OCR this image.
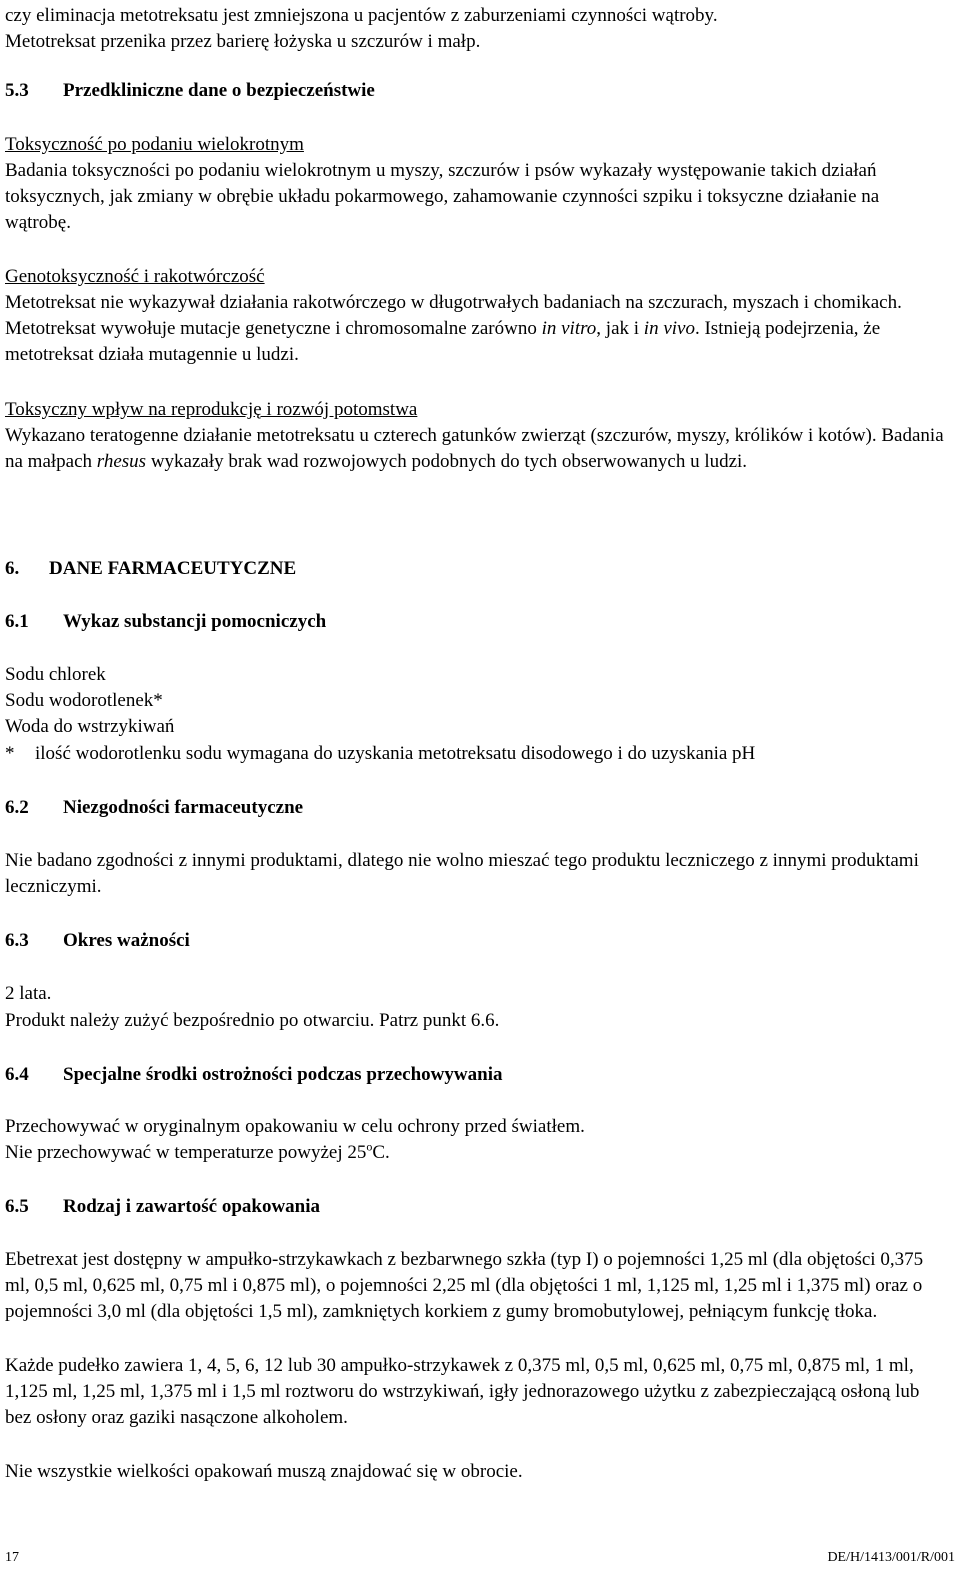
czy eliminacja metotreksatu jest zmniejszona u pacjentów z zaburzeniami czynności wątroby.

Metotreksat przenika przez barierę łożyska u szczurów i małp.

5.3 Przedkliniczne dane o bezpieczeństwie

Toksyczność po podaniu wielokrotnym

Badania toksyczności po podaniu wielokrotnym u myszy, szczurów i psów wykazały występowanie takich działań toksycznych, jak zmiany w obrębie układu pokarmowego, zahamowanie czynności szpiku i toksyczne działanie na wątrobę.

Genotoksyczność i rakotwórczość

Metotreksat nie wykazywał działania rakotwórczego w długotrwałych badaniach na szczurach, myszach i chomikach. Metotreksat wywołuje mutacje genetyczne i chromosomalne zarówno in vitro, jak i in vivo. Istnieją podejrzenia, że metotreksat działa mutagennie u ludzi.

Toksyczny wpływ na reprodukcję i rozwój potomstwa

Wykazano teratogenne działanie metotreksatu u czterech gatunków zwierząt (szczurów, myszy, królików i kotów). Badania na małpach rhesus wykazały brak wad rozwojowych podobnych do tych obserwowanych u ludzi.

6. DANE FARMACEUTYCZNE

6.1 Wykaz substancji pomocniczych

Sodu chlorek

Sodu wodorotlenek*

Woda do wstrzykiwań

*	ilość wodorotlenku sodu wymagana do uzyskania metotreksatu disodowego i do uzyskania pH

6.2 Niezgodności farmaceutyczne

Nie badano zgodności z innymi produktami, dlatego nie wolno mieszać tego produktu leczniczego z innymi produktami leczniczymi.

6.3 Okres ważności

2 lata.

Produkt należy zużyć bezpośrednio po otwarciu. Patrz punkt 6.6.

6.4 Specjalne środki ostrożności podczas przechowywania

Przechowywać w oryginalnym opakowaniu w celu ochrony przed światłem.

Nie przechowywać w temperaturze powyżej 25$^o$C.

6.5 Rodzaj i zawartość opakowania

Ebetrexat jest dostępny w ampułko-strzykawkach z bezbarwnego szkła (typ I) o pojemności 1,25 ml (dla objętości 0,375 ml, 0,5 ml, 0,625 ml, 0,75 ml i 0,875 ml), o pojemności 2,25 ml (dla objętości 1 ml, 1,125 ml, 1,25 ml i 1,375 ml) oraz o pojemności 3,0 ml (dla objętości 1,5 ml), zamkniętych korkiem z gumy bromobutylowej, pełniącym funkcję tłoka.

Każde pudełko zawiera 1, 4, 5, 6, 12 lub 30 ampułko-strzykawek z 0,375 ml, 0,5 ml, 0,625 ml, 0,75 ml, 0,875 ml, 1 ml, 1,125 ml, 1,25 ml, 1,375 ml i 1,5 ml roztworu do wstrzykiwań, igły jednorazowego użytku z zabezpieczającą osłoną lub bez osłony oraz gaziki nasączone alkoholem.

Nie wszystkie wielkości opakowań muszą znajdować się w obrocie.

17	DE/H/1413/001/R/001
